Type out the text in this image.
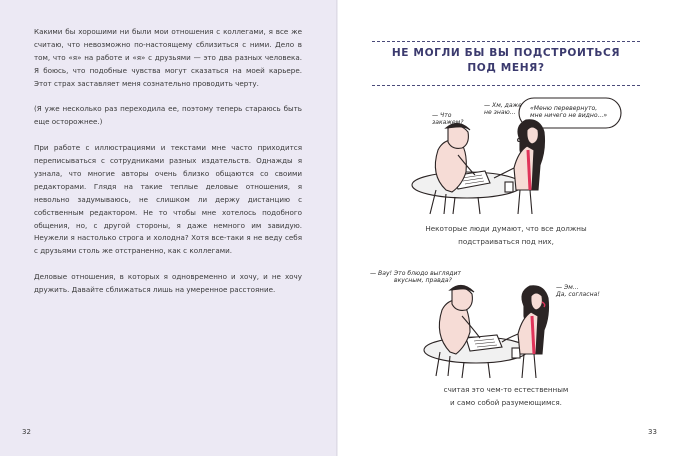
Какими бы хорошими ни были мои отношения с коллегами, я все же считаю, что невозможно по-настоящему сблизиться с ними. Дело в том, что «я» на работе и «я» с друзьями — это два разных человека. Я боюсь, что подобные чувства могут сказаться на моей карьере. Этот страх заставляет меня сознательно проводить черту.

(Я уже несколько раз переходила ее, поэтому теперь стараюсь быть еще осторожнее.)

При работе с иллюстрациями и текстами мне часто приходится переписываться с сотрудниками разных издательств. Однажды я узнала, что многие авторы очень близко общаются со своими редакторами. Глядя на такие теплые деловые отношения, я невольно задумываюсь, не слишком ли держу дистанцию с собственным редактором. Не то чтобы мне хотелось подобного общения, но, с другой стороны, я даже немного им завидую. Неужели я настолько строга и холодна? Хотя все-таки я не веду себя с друзьями столь же отстраненно, как с коллегами.

Деловые отношения, в которых я одновременно и хочу, и не хочу дружить. Давайте сближаться лишь на умеренное расстояние.

32
НЕ МОГЛИ БЫ ВЫ ПОДСТРОИТЬСЯ
ПОД МЕНЯ?
— Что
закажем?
— Хм, даже
не знаю...
«Меню перевернуто,
мне ничего не видно...»
Некоторые люди думают, что все должны
подстраиваться под них,
— Вау! Это блюдо выглядит
вкусным, правда?
— Эм...
Да, согласна!
считая это чем-то естественным
и само собой разумеющимся.
33
